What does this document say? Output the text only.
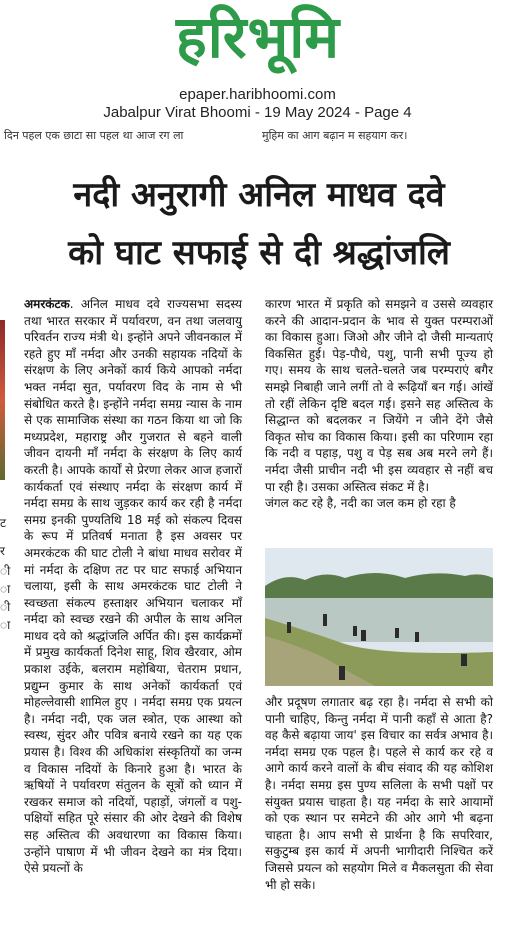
हरिभूमि
epaper.haribhoomi.com
Jabalpur Virat Bhoomi - 19 May 2024 - Page 4
दिन पहल एक छाटा सा पहल था आज रग ला	मुहिम का आग बढ़ान म सहयाग कर।
ट
र
ी
ा
ी
ा
नदी अनुरागी अनिल माधव दवे
को घाट सफाई से दी श्रद्धांजलि

अमरकंटक. अनिल माधव दवे राज्यसभा सदस्य तथा भारत सरकार में पर्यावरण, वन तथा जलवायु परिवर्तन राज्य मंत्री थे। इन्होंने अपने जीवनकाल में रहते हुए माँ नर्मदा और उनकी सहायक नदियों के संरक्षण के लिए अनेकों कार्य किये आपको नर्मदा भक्त नर्मदा सुत, पर्यावरण विद के नाम से भी संबोधित करते है। इन्होंने नर्मदा समग्र न्यास के नाम से एक सामाजिक संस्था का गठन किया था जो कि मध्यप्रदेश, महाराष्ट्र और गुजरात से बहने वाली जीवन दायनी माँ नर्मदा के संरक्षण के लिए कार्य करती है। आपके कार्यों से प्रेरणा लेकर आज हजारों कार्यकर्ता एवं संस्थाए नर्मदा के संरक्षण कार्य में नर्मदा समग्र के साथ जुड़कर कार्य कर रही है नर्मदा समग्र इनकी पुण्यतिथि 18 मई को संकल्प दिवस के रूप में प्रतिवर्ष मनाता है इस अवसर पर अमरकंटक की घाट टोली ने बांधा माधव सरोवर में मां नर्मदा के दक्षिण तट पर घाट सफाई अभियान चलाया, इसी के साथ अमरकंटक घाट टोली ने स्वच्छता संकल्प हस्ताक्षर अभियान चलाकर माँ नर्मदा को स्वच्छ रखने की अपील के साथ अनिल माधव दवे को श्रद्धांजलि अर्पित की। इस कार्यक्रमों में प्रमुख कार्यकर्ता दिनेश साहू, शिव खैरवार, ओम प्रकाश उईके, बलराम महोबिया, चेतराम प्रधान, प्रद्युम्न कुमार के साथ अनेकों कार्यकर्ता एवं मोहल्लेवासी शामिल हुए । नर्मदा समग्र एक प्रयत्न है। नर्मदा नदी, एक जल स्त्रोत, एक आस्था को स्वस्थ, सुंदर और पवित्र बनाये रखने का यह एक प्रयास है। विश्व की अधिकांश संस्कृतियों का जन्म व विकास नदियों के किनारे हुआ है। भारत के ऋषियों ने पर्यावरण संतुलन के सूत्रों को ध्यान में रखकर समाज को नदियों, पहाड़ों, जंगलों व पशु-पक्षियों सहित पूरे संसार की ओर देखने की विशेष सह अस्तित्व की अवधारणा का विकास किया। उन्होंने पाषाण में भी जीवन देखने का मंत्र दिया। ऐसे प्रयत्नों के

कारण भारत में प्रकृति को समझने व उससे व्यवहार करने की आदान-प्रदान के भाव से युक्त परम्पराओं का विकास हुआ। जिओ और जीने दो जैसी मान्यताएं विकसित हुई। पेड़-पौधे, पशु, पानी सभी पूज्य हो गए। समय के साथ चलते-चलते जब परम्पराएं बगैर समझे निबाही जाने लगीं तो वे रूढ़ियाँ बन गई। आंखें तो रहीं लेकिन दृष्टि बदल गई। इसने सह अस्तित्व के सिद्धान्त को बदलकर न जियेंगे न जीने देंगे जैसे विकृत सोच का विकास किया। इसी का परिणाम रहा कि नदी व पहाड़, पशु व पेड़ सब अब मरने लगे हैं। नर्मदा जैसी प्राचीन नदी भी इस व्यवहार से नहीं बच पा रही है। उसका अस्तित्व संकट में है।

जंगल कट रहे है, नदी का जल कम हो रहा है

और प्रदूषण लगातार बढ़ रहा है। नर्मदा से सभी को पानी चाहिए, किन्तु नर्मदा में पानी कहाँ से आता है? वह कैसे बढ़ाया जाय' इस विचार का सर्वत्र अभाव है। नर्मदा समग्र एक पहल है। पहले से कार्य कर रहे व आगे कार्य करने वालों के बीच संवाद की यह कोशिश है। नर्मदा समग्र इस पुण्य सलिला के सभी पक्षों पर संयुक्त प्रयास चाहता है। यह नर्मदा के सारे आयामों को एक स्थान पर समेटने की ओर आगे भी बढ़ना चाहता है। आप सभी से प्रार्थना है कि सपरिवार, सकुटुम्ब इस कार्य में अपनी भागीदारी निश्चित करें जिससे प्रयत्न को सहयोग मिले व मैकलसुता की सेवा भी हो सके।
